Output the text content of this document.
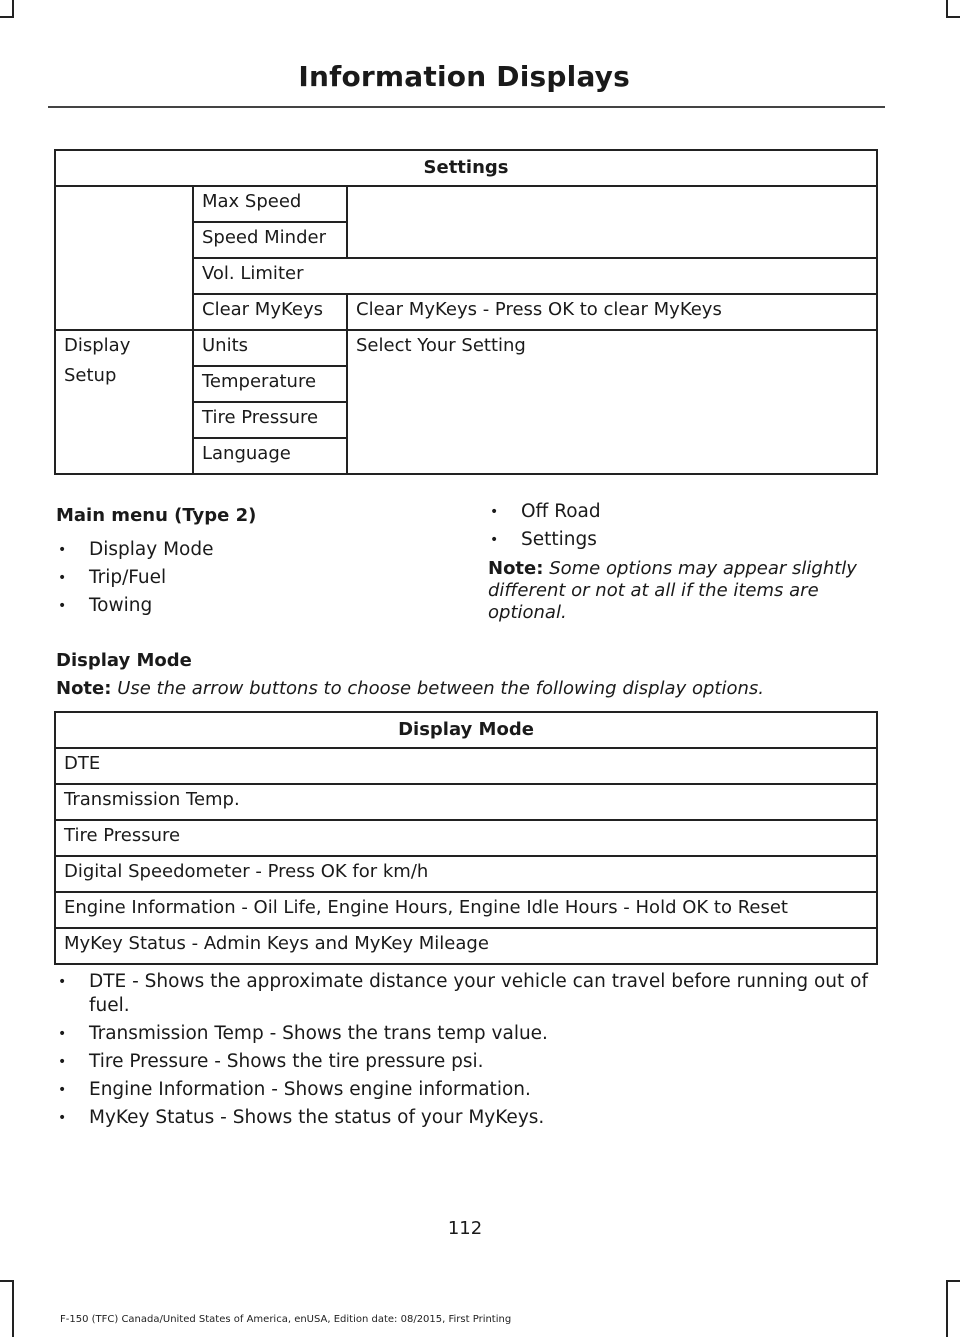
Information Displays
Settings		
	Max Speed	
	Speed Minder	
	Vol. Limiter	
	Clear MyKeys	Clear MyKeys - Press OK to clear MyKeys
Display Setup	Units	Select Your Setting
	Temperature	
	Tire Pressure	
	Language	

Main menu (Type 2)

• Display Mode
• Trip/Fuel
• Towing
• Off Road
• Settings
Note: Some options may appear slightly different or not at all if the items are optional.

Display Mode

Note: Use the arrow buttons to choose between the following display options.
Display Mode
DTE
Transmission Temp.
Tire Pressure
Digital Speedometer - Press OK for km/h
Engine Information - Oil Life, Engine Hours, Engine Idle Hours - Hold OK to Reset
MyKey Status - Admin Keys and MyKey Mileage
• DTE - Shows the approximate distance your vehicle can travel before running out of fuel.
• Transmission Temp - Shows the trans temp value.
• Tire Pressure - Shows the tire pressure psi.
• Engine Information - Shows engine information.
• MyKey Status - Shows the status of your MyKeys.
112
F-150 (TFC) Canada/United States of America, enUSA, Edition date: 08/2015, First Printing
